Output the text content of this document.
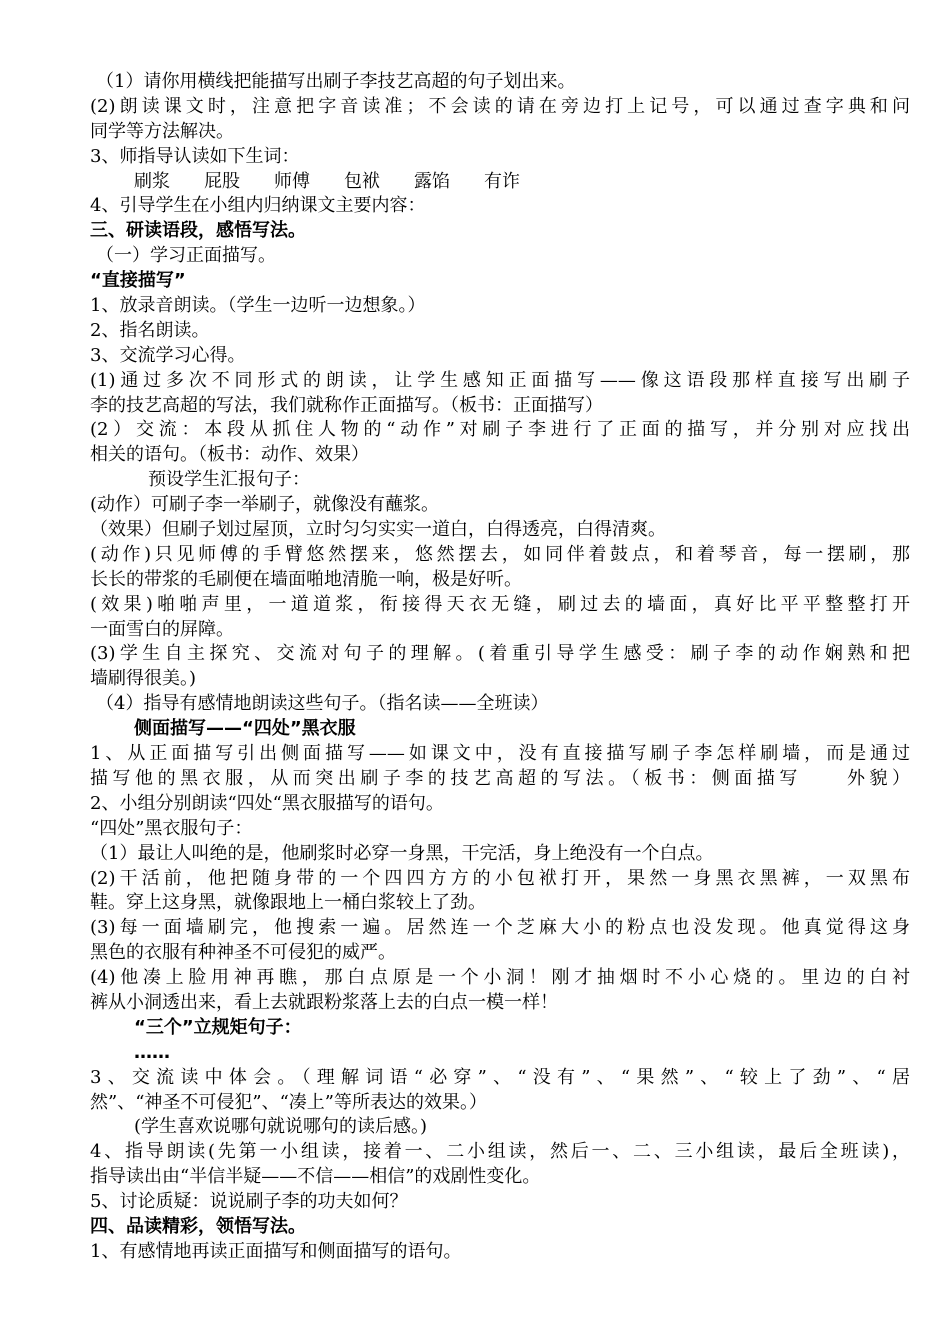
（1）请你用横线把能描写出刷子李技艺高超的句子划出来。
(2)朗读课文时，注意把字音读准；不会读的请在旁边打上记号，可以通过查字典和问
同学等方法解决。
3、师指导认读如下生词：
刷浆 屁股 师傅 包袱 露馅 有诈
4、引导学生在小组内归纳课文主要内容：
三、研读语段，感悟写法。
（一）学习正面描写。
“直接描写”
1、放录音朗读。（学生一边听一边想象。）
2、指名朗读。
3、交流学习心得。
(1)通过多次不同形式的朗读，让学生感知正面描写——像这语段那样直接写出刷子
李的技艺高超的写法，我们就称作正面描写。（板书：正面描写）
(2）交流：本段从抓住人物的“动作”对刷子李进行了正面的描写，并分别对应找出
相关的语句。（板书：动作、效果）
预设学生汇报句子：
(动作）可刷子李一举刷子，就像没有蘸浆。
（效果）但刷子划过屋顶，立时匀匀实实一道白，白得透亮，白得清爽。
(动作)只见师傅的手臂悠然摆来，悠然摆去，如同伴着鼓点，和着琴音，每一摆刷，那
长长的带浆的毛刷便在墙面啪地清脆一响，极是好听。
(效果)啪啪声里，一道道浆，衔接得天衣无缝，刷过去的墙面，真好比平平整整打开
一面雪白的屏障。
(3)学生自主探究、交流对句子的理解。(着重引导学生感受：刷子李的动作娴熟和把
墙刷得很美。)
（4）指导有感情地朗读这些句子。（指名读——全班读）
侧面描写——“四处”黑衣服
1、从正面描写引出侧面描写——如课文中，没有直接描写刷子李怎样刷墙，而是通过
描写他的黑衣服，从而突出刷子李的技艺高超的写法。（板书：侧面描写　　外貌）
2、小组分别朗读“四处“黑衣服描写的语句。
“四处”黑衣服句子：
（1）最让人叫绝的是，他刷浆时必穿一身黑，干完活，身上绝没有一个白点。
(2)干活前，他把随身带的一个四四方方的小包袱打开，果然一身黑衣黑裤，一双黑布
鞋。穿上这身黑，就像跟地上一桶白浆较上了劲。
(3)每一面墙刷完，他搜索一遍。居然连一个芝麻大小的粉点也没发现。他真觉得这身
黑色的衣服有种神圣不可侵犯的威严。
(4)他凑上脸用神再瞧，那白点原是一个小洞！刚才抽烟时不小心烧的。里边的白衬
裤从小洞透出来，看上去就跟粉浆落上去的白点一模一样！
“三个”立规矩句子：
……
3、交流读中体会。（理解词语“必穿”、“没有”、“果然”、“较上了劲”、“居
然”、“神圣不可侵犯”、“凑上”等所表达的效果。）
(学生喜欢说哪句就说哪句的读后感。)
4、指导朗读(先第一小组读，接着一、二小组读，然后一、二、三小组读，最后全班读)，
指导读出由“半信半疑——不信——相信”的戏剧性变化。
5、讨论质疑：说说刷子李的功夫如何？
四、品读精彩，领悟写法。
1、有感情地再读正面描写和侧面描写的语句。
